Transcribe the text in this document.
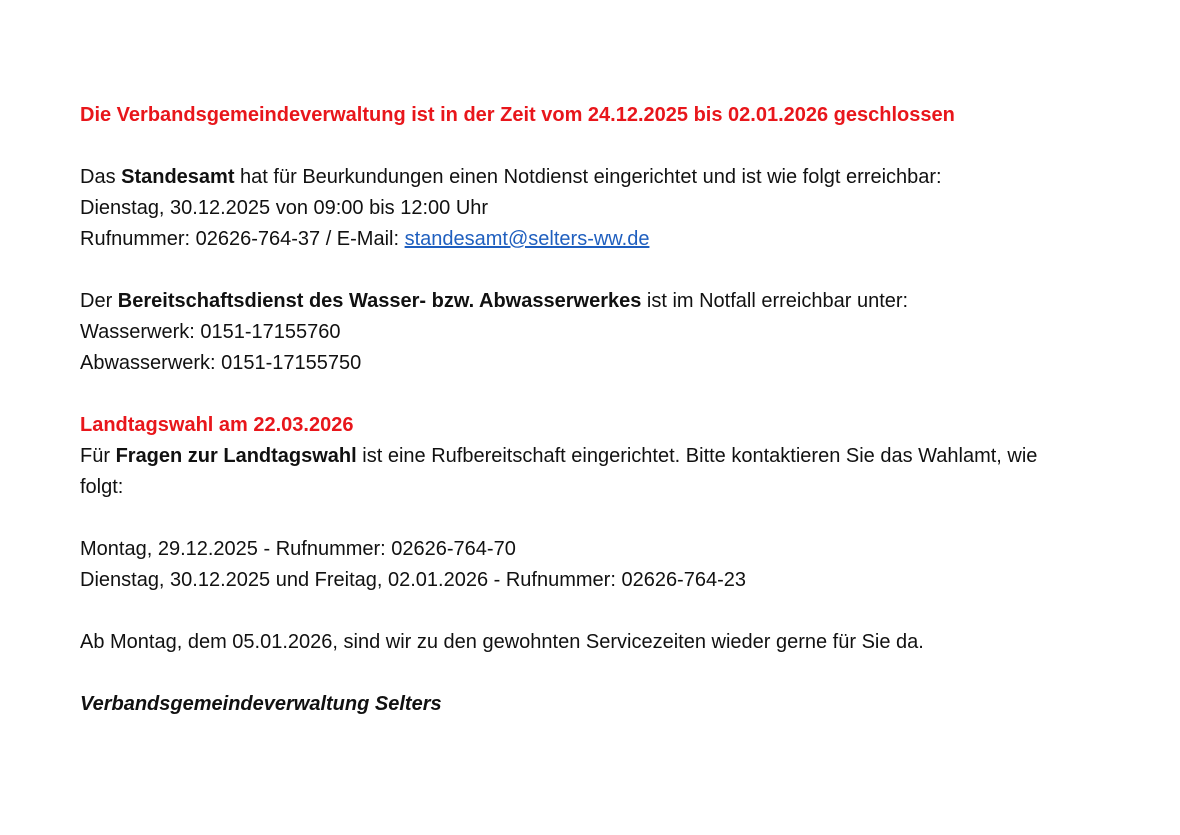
Die Verbandsgemeindeverwaltung ist in der Zeit vom 24.12.2025 bis 02.01.2026 geschlossen
Das Standesamt hat für Beurkundungen einen Notdienst eingerichtet und ist wie folgt erreichbar:
Dienstag, 30.12.2025 von 09:00 bis 12:00 Uhr
Rufnummer: 02626-764-37 / E-Mail: standesamt@selters-ww.de
Der Bereitschaftsdienst des Wasser- bzw. Abwasserwerkes ist im Notfall erreichbar unter:
Wasserwerk: 0151-17155760
Abwasserwerk: 0151-17155750
Landtagswahl am 22.03.2026
Für Fragen zur Landtagswahl ist eine Rufbereitschaft eingerichtet. Bitte kontaktieren Sie das Wahlamt, wie folgt:
Montag, 29.12.2025 - Rufnummer: 02626-764-70
Dienstag, 30.12.2025 und Freitag, 02.01.2026 - Rufnummer: 02626-764-23
Ab Montag, dem 05.01.2026, sind wir zu den gewohnten Servicezeiten wieder gerne für Sie da.
Verbandsgemeindeverwaltung Selters
